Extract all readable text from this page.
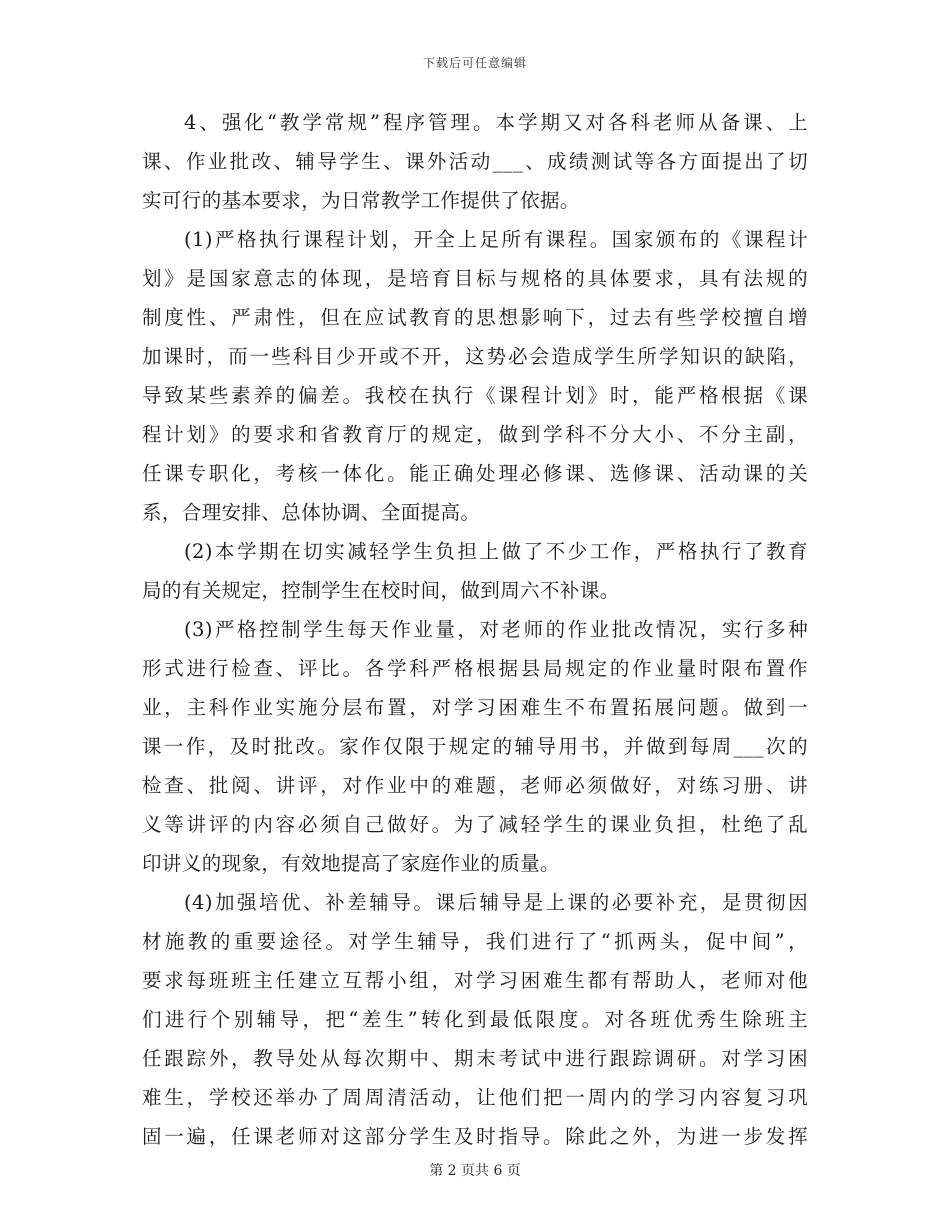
下载后可任意编辑
4、强化“教学常规”程序管理。本学期又对各科老师从备课、上
课、作业批改、辅导学生、课外活动___、成绩测试等各方面提出了切
实可行的基本要求，为日常教学工作提供了依据。
(1)严格执行课程计划，开全上足所有课程。国家颁布的《课程计
划》是国家意志的体现，是培育目标与规格的具体要求，具有法规的
制度性、严肃性，但在应试教育的思想影响下，过去有些学校擅自增
加课时，而一些科目少开或不开，这势必会造成学生所学知识的缺陷，
导致某些素养的偏差。我校在执行《课程计划》时，能严格根据《课
程计划》的要求和省教育厅的规定，做到学科不分大小、不分主副，
任课专职化，考核一体化。能正确处理必修课、选修课、活动课的关
系，合理安排、总体协调、全面提高。
(2)本学期在切实减轻学生负担上做了不少工作，严格执行了教育
局的有关规定，控制学生在校时间，做到周六不补课。
(3)严格控制学生每天作业量，对老师的作业批改情况，实行多种
形式进行检查、评比。各学科严格根据县局规定的作业量时限布置作
业，主科作业实施分层布置，对学习困难生不布置拓展问题。做到一
课一作，及时批改。家作仅限于规定的辅导用书，并做到每周___次的
检查、批阅、讲评，对作业中的难题，老师必须做好，对练习册、讲
义等讲评的内容必须自己做好。为了减轻学生的课业负担，杜绝了乱
印讲义的现象，有效地提高了家庭作业的质量。
(4)加强培优、补差辅导。课后辅导是上课的必要补充，是贯彻因
材施教的重要途径。对学生辅导，我们进行了“抓两头，促中间”，
要求每班班主任建立互帮小组，对学习困难生都有帮助人，老师对他
们进行个别辅导，把“差生”转化到最低限度。对各班优秀生除班主
任跟踪外，教导处从每次期中、期末考试中进行跟踪调研。对学习困
难生，学校还举办了周周清活动，让他们把一周内的学习内容复习巩
固一遍，任课老师对这部分学生及时指导。除此之外，为进一步发挥
第 2 页共 6 页
